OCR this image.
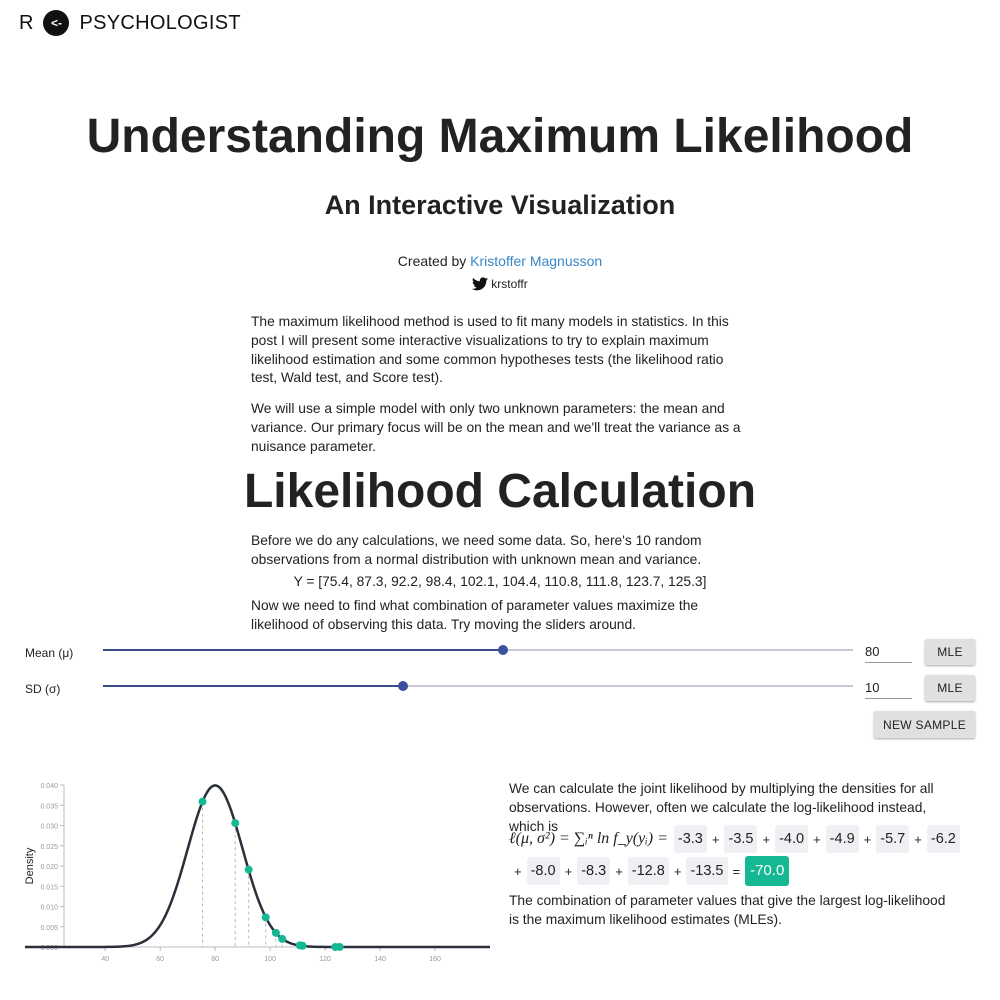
R	<- PSYCHOLOGIST
Understanding Maximum Likelihood
An Interactive Visualization
Created by Kristoffer Magnusson
krstoffr

The maximum likelihood method is used to fit many models in statistics. In this post I will present some interactive visualizations to try to explain maximum likelihood estimation and some common hypotheses tests (the likelihood ratio test, Wald test, and Score test).

We will use a simple model with only two unknown parameters: the mean and variance. Our primary focus will be on the mean and we'll treat the variance as a nuisance parameter.

Likelihood Calculation

Before we do any calculations, we need some data. So, here's 10 random observations from a normal distribution with unknown mean and variance.

Y = [75.4, 87.3, 92.2, 98.4, 102.1, 104.4, 110.8, 111.8, 123.7, 125.3]

Now we need to find what combination of parameter values maximize the likelihood of observing this data. Try moving the sliders around.

Mean (μ)
80	MLE
SD (σ)
10	MLE
NEW SAMPLE
0.000
0.005
0.010
0.015
0.020
0.025
0.030
0.035
0.040
40	60	80	100	120	140	160
Density

We can calculate the joint likelihood by multiplying the densities for all observations. However, often we calculate the log-likelihood instead, which is

ℓ(μ, σ²) = ∑ᵢⁿ ln f_y(yᵢ) = -3.3 + -3.5 + -4.0 + -4.9 + -5.7 + -6.2
+ -8.0 + -8.3 + -12.8 + -13.5 = -70.0

The combination of parameter values that give the largest log-likelihood is the maximum likelihood estimates (MLEs).
